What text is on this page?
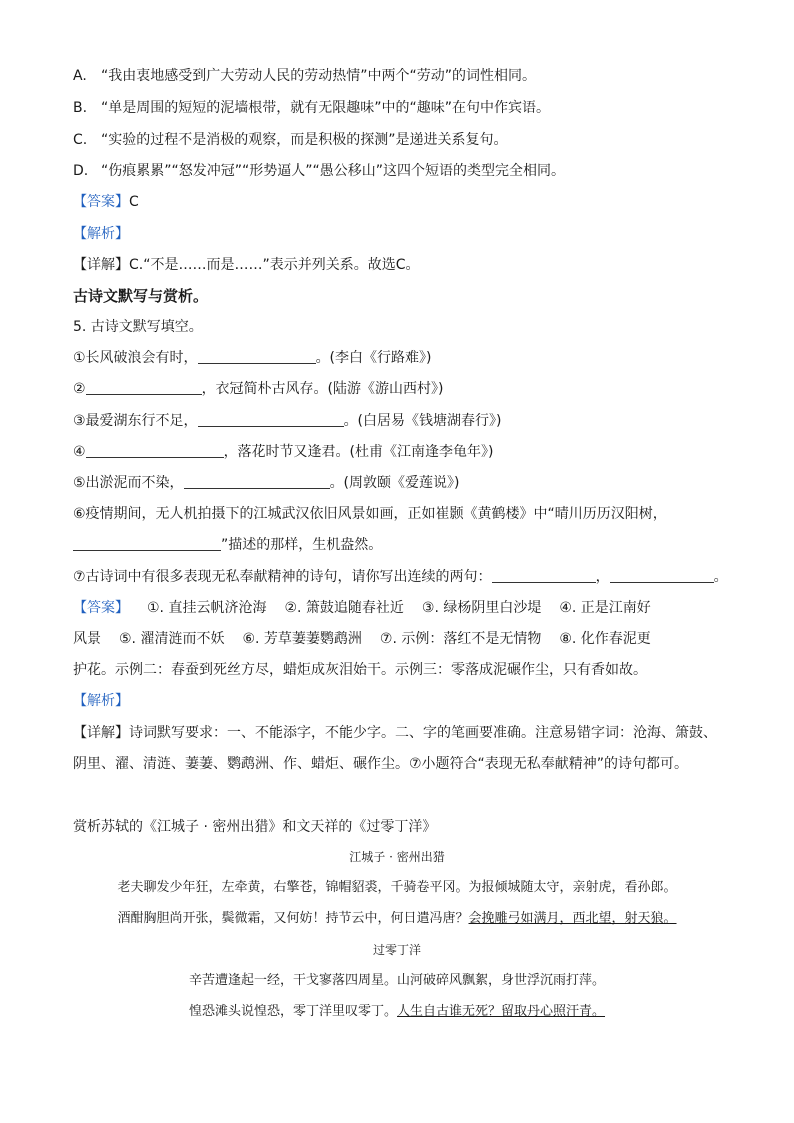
A. “我由衷地感受到广大劳动人民的劳动热情”中两个“劳动”的词性相同。
B. “单是周围的短短的泥墙根带，就有无限趣味”中的“趣味”在句中作宾语。
C. “实验的过程不是消极的观察，而是积极的探测”是递进关系复句。
D. “伤痕累累”“怒发冲冠”“形势逼人”“愚公移山”这四个短语的类型完全相同。
【答案】C
【解析】
【详解】C.“不是……而是……”表示并列关系。故选C。
古诗文默写与赏析。
5. 古诗文默写填空。
①长风破浪会有时，	。(李白《行路难》)
②	，衣冠简朴古风存。(陆游《游山西村》)
③最爱湖东行不足，	。(白居易《钱塘湖春行》)
④	，落花时节又逢君。(杜甫《江南逢李龟年》)
⑤出淤泥而不染，	。(周敦颐《爱莲说》)
⑥疫情期间，无人机拍摄下的江城武汉依旧风景如画，正如崔颢《黄鹤楼》中“晴川历历汉阳树，
”描述的那样，生机盎然。
⑦古诗词中有很多表现无私奉献精神的诗句，请你写出连续的两句：	，	。
【答案】 ①. 直挂云帆济沧海 ②. 箫鼓追随春社近 ③. 绿杨阴里白沙堤 ④. 正是江南好
风景 ⑤. 濯清涟而不妖 ⑥. 芳草萋萋鹦鹉洲 ⑦. 示例：落红不是无情物 ⑧. 化作春泥更
护花。示例二：春蚕到死丝方尽，蜡炬成灰泪始干。示例三：零落成泥碾作尘，只有香如故。
【解析】
【详解】诗词默写要求：一、不能添字，不能少字。二、字的笔画要准确。注意易错字词：沧海、箫鼓、
阴里、濯、清涟、萋萋、鹦鹉洲、作、蜡炬、碾作尘。⑦小题符合“表现无私奉献精神”的诗句都可。
赏析苏轼的《江城子 · 密州出猎》和文天祥的《过零丁洋》
江城子 · 密州出猎
老夫聊发少年狂，左牵黄，右擎苍，锦帽貂裘，千骑卷平冈。为报倾城随太守，亲射虎，看孙郎。
酒酣胸胆尚开张，鬓微霜，又何妨！持节云中，何日遣冯唐？会挽雕弓如满月，西北望，射天狼。
过零丁洋
辛苦遭逢起一经，干戈寥落四周星。山河破碎风飘絮，身世浮沉雨打萍。
惶恐滩头说惶恐，零丁洋里叹零丁。人生自古谁无死？留取丹心照汗青。
